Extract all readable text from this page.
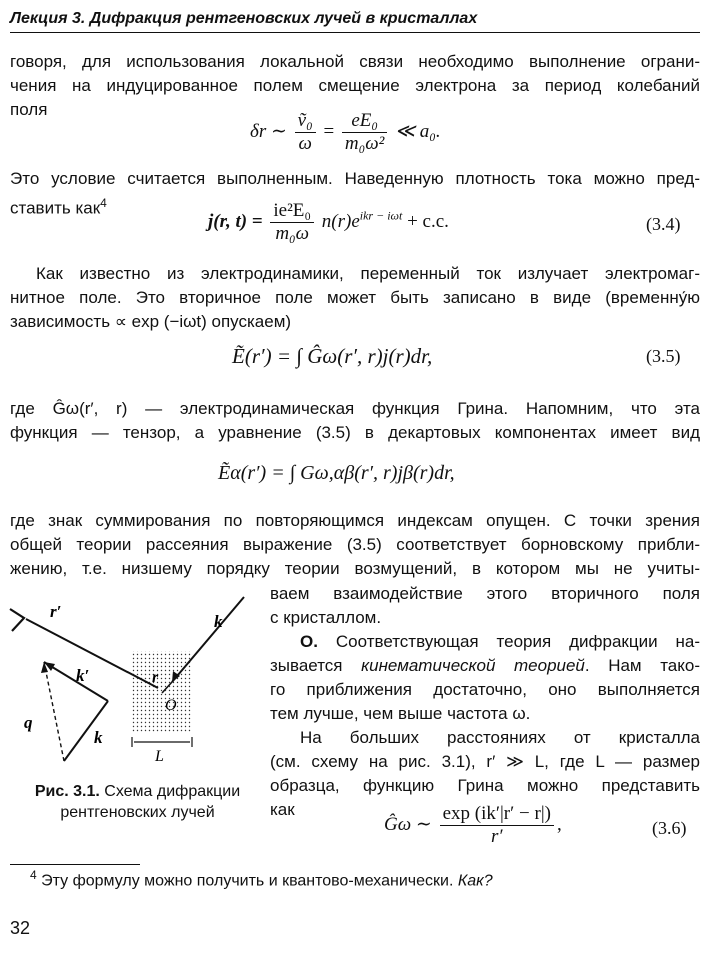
Лекция 3. Дифракция рентгеновских лучей в кристаллах
говоря, для использования локальной связи необходимо выполнение ограни-
чения на индуцированное полем смещение электрона за период колебаний
поля
δr ∼ $\frac{\text{ṽ₀}}{\omega} = \frac{\text{eE₀}}{\text{m₀ω²}}$ ≪ a₀.
Это условие считается выполненным. Наведенную плотность тока можно пред-
ставить как$^4$
j(r, $t) = \frac{\text{ie²E₀}}{\text{m₀ω}} n(r)e^{ikr - i\omega t} + c.c$.	(3.4)
Как известно из электродинамики, переменный ток излучает электромаг-
нитное поле. Это вторичное поле может быть записано в виде (временну́ю
зависимость ∝ exp (−iωt) опускаем)
Ẽ(r′) = ∫ Ĝω(r′, r)j(r)dr,	(3.5)
где Ĝω(r′, r) — электродинамическая функция Грина. Напомним, что эта
функция — тензор, а уравнение (3.5) в декартовых компонентах имеет вид
Ẽα(r′) = ∫ Gω,αβ(r′, r)jβ(r)dr,
где знак суммирования по повторяющимся индексам опущен. С точки зрения
общей теории рассеяния выражение (3.5) соответствует борновскому прибли-
жению, т.е. низшему порядку теории возмущений, в котором мы не учиты-
r′
k
k′
q
k
r
O
L
Рис. 3.1. Схема дифракции
рентгеновских лучей
ваем взаимодействие этого вторичного поля
с кристаллом.
O. Соответствующая теория дифракции на-
зывается кинематической теорией. Нам тако-
го приближения достаточно, оно выполняется
тем лучше, чем выше частота ω.
На больших расстояниях от кристалла
(см. схему на рис. 3.1), r′ ≫ L, где L — размер
образца, функцию Грина можно представить
как
Ĝω ∼ $\frac{\exp (ik'|r' - r|)}{r'}$ ,	(3.6)
$^4$ Эту формулу можно получить и квантово-механически. Как?
32
